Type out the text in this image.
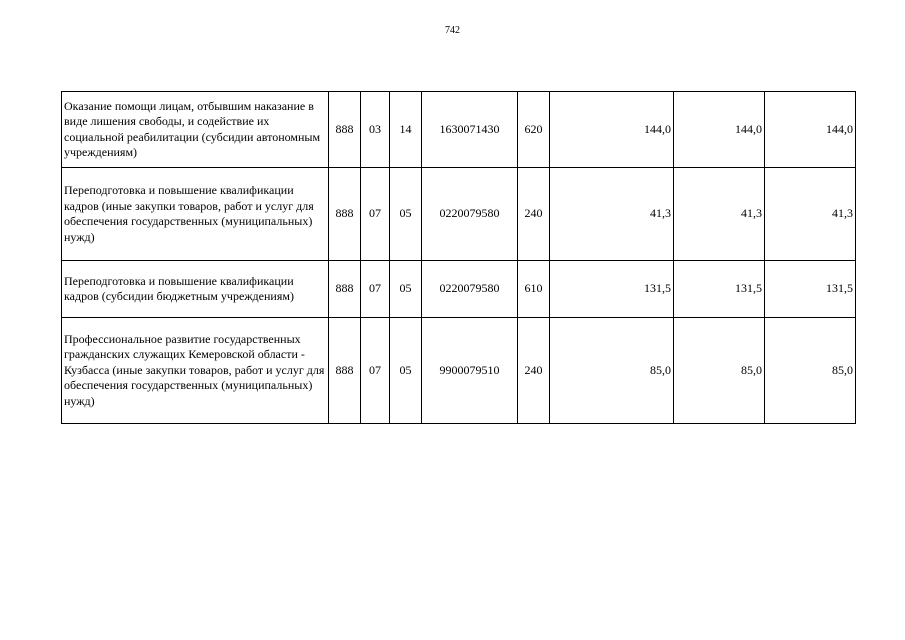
742
Оказание помощи лицам, отбывшим наказание в виде лишения свободы, и содействие их социальной реабилитации (субсидии автономным учреждениям)	888	03	14	1630071430	620	144,0	144,0	144,0
Переподготовка и повышение квалификации кадров (иные закупки товаров, работ и услуг для обеспечения государственных (муниципальных) нужд)	888	07	05	0220079580	240	41,3	41,3	41,3
Переподготовка и повышение квалификации кадров (субсидии бюджетным учреждениям)	888	07	05	0220079580	610	131,5	131,5	131,5
Профессиональное развитие государственных гражданских служащих Кемеровской области - Кузбасса (иные закупки товаров, работ и услуг для обеспечения государственных (муниципальных) нужд)	888	07	05	9900079510	240	85,0	85,0	85,0
